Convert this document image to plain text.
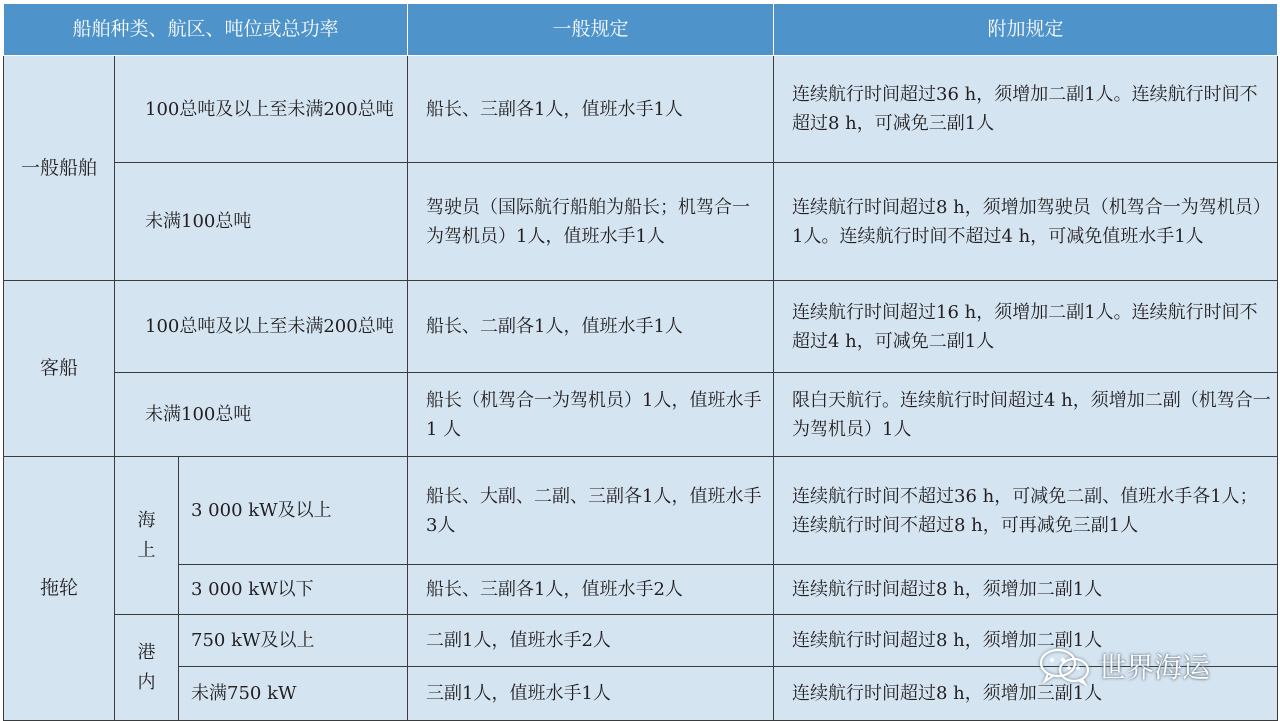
船舶种类、航区、吨位或总功率			一般规定	附加规定
一般船舶	100总吨及以上至未满200总吨		船长、三副各1人，值班水手1人	连续航行时间超过36 h，须增加二副1人。连续航行时间不超过8 h，可减免三副1人
	未满100总吨		驾驶员（国际航行船舶为船长；机驾合一为驾机员）1人，值班水手1人	连续航行时间超过8 h，须增加驾驶员（机驾合一为驾机员）1人。连续航行时间不超过4 h，可减免值班水手1人
客船	100总吨及以上至未满200总吨		船长、二副各1人，值班水手1人	连续航行时间超过16 h，须增加二副1人。连续航行时间不超过4 h，可减免二副1人
	未满100总吨		船长（机驾合一为驾机员）1人，值班水手 1 人	限白天航行。连续航行时间超过4 h，须增加二副（机驾合一为驾机员）1人
拖轮	海上	3 000 kW及以上	船长、大副、二副、三副各1人，值班水手3人	连续航行时间不超过36 h，可减免二副、值班水手各1人；连续航行时间不超过8 h，可再减免三副1人
		3 000 kW以下	船长、三副各1人，值班水手2人	连续航行时间超过8 h，须增加二副1人

	港内	750 kW及以上	二副1人，值班水手2人	连续航行时间超过8 h，须增加二副1人
		未满750 kW	三副1人，值班水手1人	连续航行时间超过8 h，须增加三副1人
世界海运
